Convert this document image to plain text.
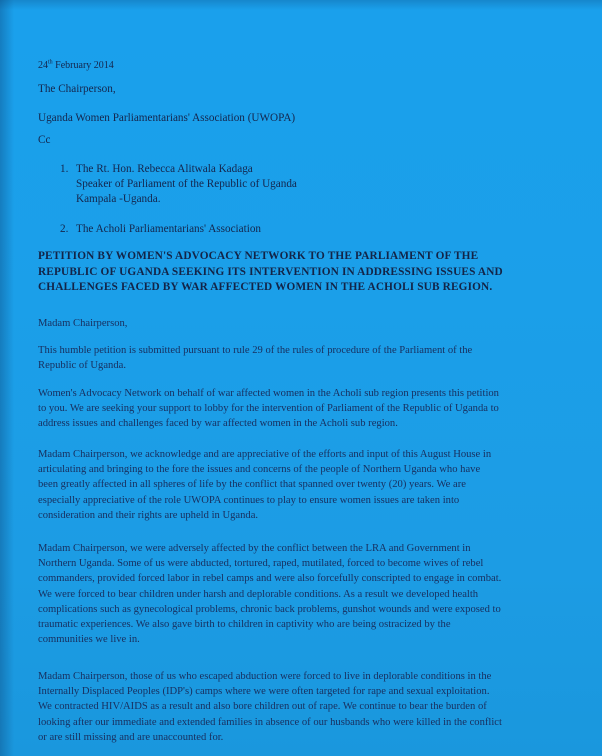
24th February 2014
The Chairperson,
Uganda Women Parliamentarians' Association (UWOPA)
Cc
1. The Rt. Hon. Rebecca Alitwala Kadaga
Speaker of Parliament of the Republic of Uganda
Kampala -Uganda.
2. The Acholi Parliamentarians' Association
PETITION BY WOMEN'S ADVOCACY NETWORK TO THE PARLIAMENT OF THE
REPUBLIC OF UGANDA SEEKING ITS INTERVENTION IN ADDRESSING ISSUES AND
CHALLENGES FACED BY WAR AFFECTED WOMEN IN THE ACHOLI SUB REGION.
Madam Chairperson,
This humble petition is submitted pursuant to rule 29 of the rules of procedure of the Parliament of the
Republic of Uganda.
Women's Advocacy Network on behalf of war affected women in the Acholi sub region presents this petition
to you. We are seeking your support to lobby for the intervention of Parliament of the Republic of Uganda to
address issues and challenges faced by war affected women in the Acholi sub region.
Madam Chairperson, we acknowledge and are appreciative of the efforts and input of this August House in
articulating and bringing to the fore the issues and concerns of the people of Northern Uganda who have
been greatly affected in all spheres of life by the conflict that spanned over twenty (20) years. We are
especially appreciative of the role UWOPA continues to play to ensure women issues are taken into
consideration and their rights are upheld in Uganda.
Madam Chairperson, we were adversely affected by the conflict between the LRA and Government in
Northern Uganda. Some of us were abducted, tortured, raped, mutilated, forced to become wives of rebel
commanders, provided forced labor in rebel camps and were also forcefully conscripted to engage in combat.
We were forced to bear children under harsh and deplorable conditions. As a result we developed health
complications such as gynecological problems, chronic back problems, gunshot wounds and were exposed to
traumatic experiences. We also gave birth to children in captivity who are being ostracized by the
communities we live in.
Madam Chairperson, those of us who escaped abduction were forced to live in deplorable conditions in the
Internally Displaced Peoples (IDP's) camps where we were often targeted for rape and sexual exploitation.
We contracted HIV/AIDS as a result and also bore children out of rape. We continue to bear the burden of
looking after our immediate and extended families in absence of our husbands who were killed in the conflict
or are still missing and are unaccounted for.
